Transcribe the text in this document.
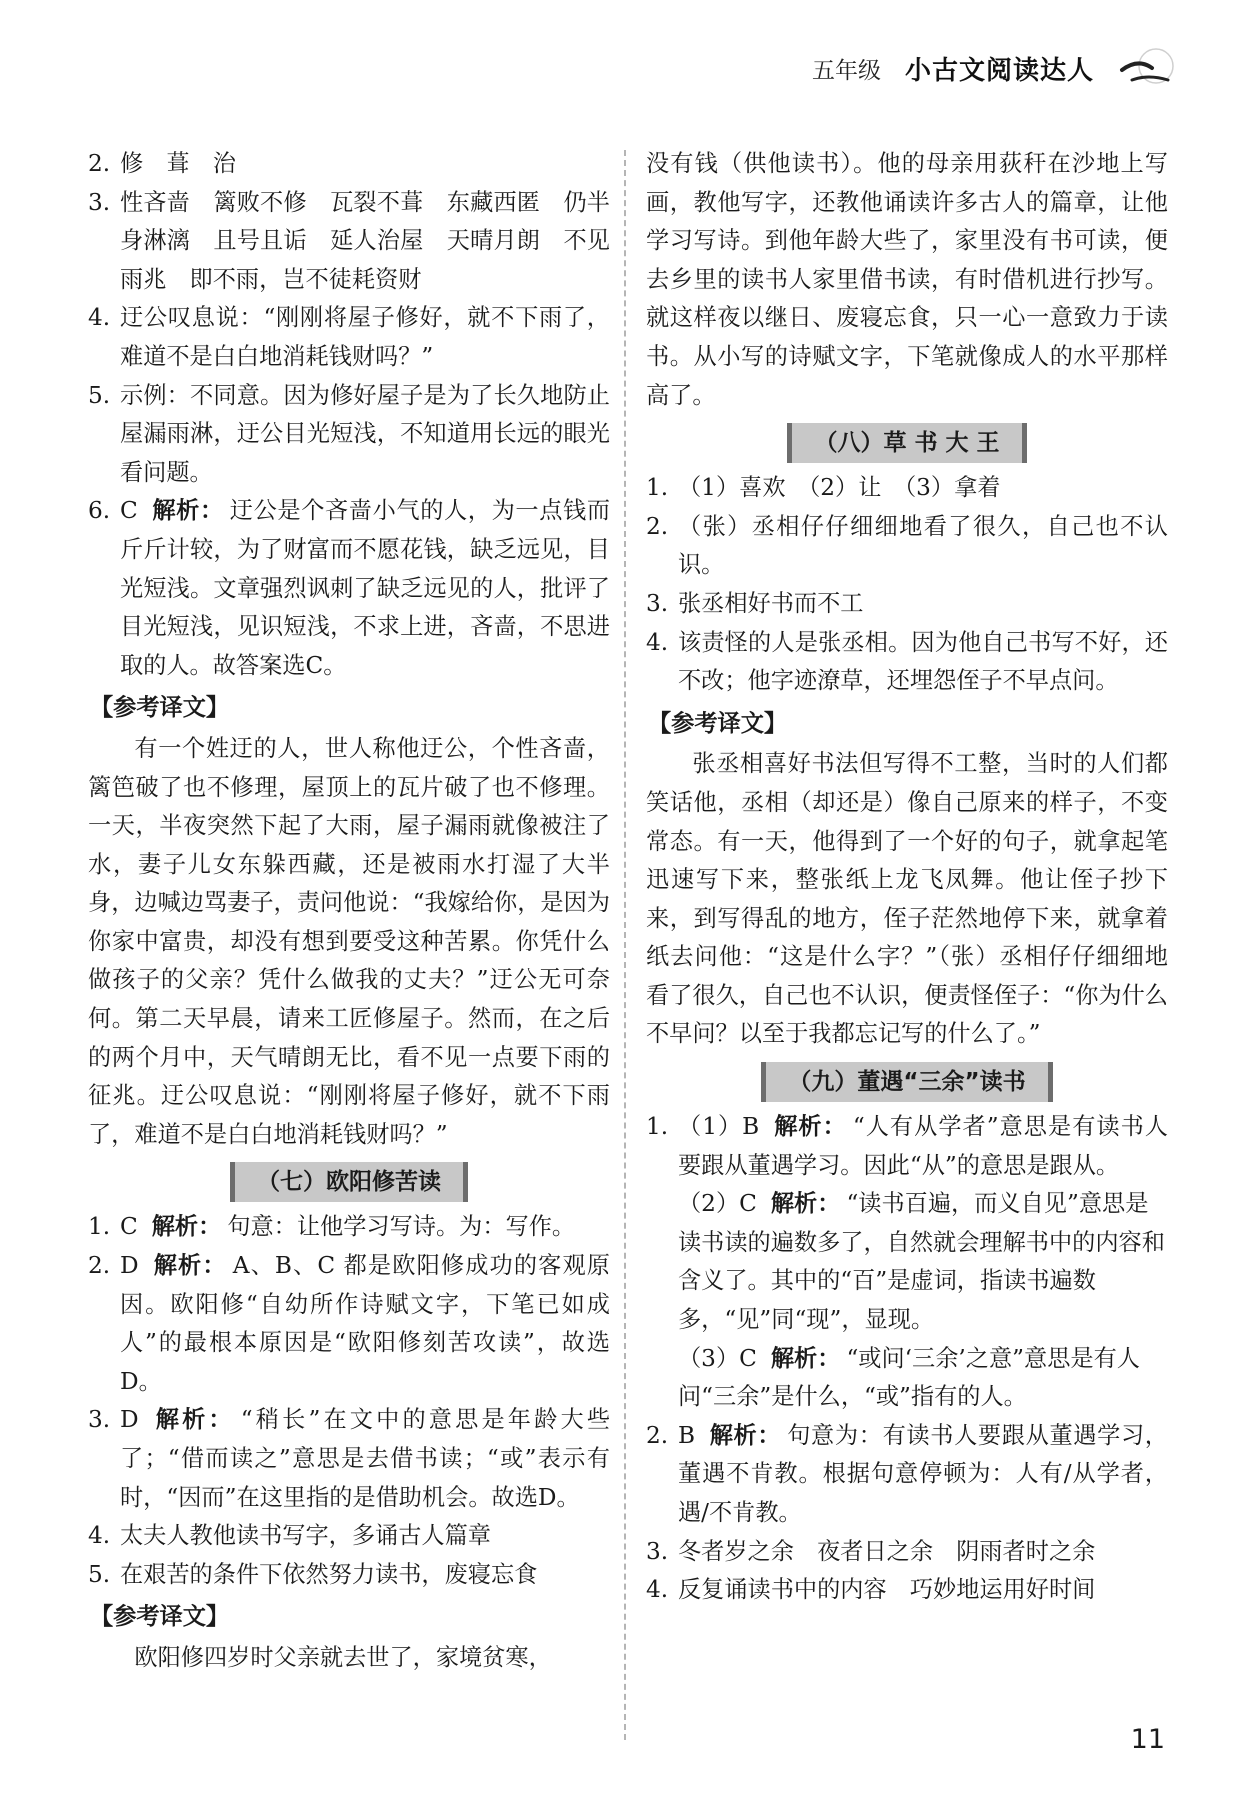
五年级 小古文阅读达人
2. 修　葺　治
3. 性吝啬　篱败不修　瓦裂不葺　东藏西匿　仍半身淋漓　且号且诟　延人治屋　天晴月朗　不见雨兆　即不雨，岂不徒耗资财
4. 迂公叹息说：“刚刚将屋子修好，就不下雨了，难道不是白白地消耗钱财吗？”
5. 示例：不同意。因为修好屋子是为了长久地防止屋漏雨淋，迂公目光短浅，不知道用长远的眼光看问题。
6. C 解析： 迂公是个吝啬小气的人，为一点钱而斤斤计较，为了财富而不愿花钱，缺乏远见，目光短浅。文章强烈讽刺了缺乏远见的人，批评了目光短浅，见识短浅，不求上进，吝啬，不思进取的人。故答案选C。
【参考译文】
有一个姓迂的人，世人称他迂公，个性吝啬，篱笆破了也不修理，屋顶上的瓦片破了也不修理。一天，半夜突然下起了大雨，屋子漏雨就像被注了水，妻子儿女东躲西藏，还是被雨水打湿了大半身，边喊边骂妻子，责问他说：“我嫁给你，是因为你家中富贵，却没有想到要受这种苦累。你凭什么做孩子的父亲？凭什么做我的丈夫？”迂公无可奈何。第二天早晨，请来工匠修屋子。然而，在之后的两个月中，天气晴朗无比，看不见一点要下雨的征兆。迂公叹息说：“刚刚将屋子修好，就不下雨了，难道不是白白地消耗钱财吗？”
（七）欧阳修苦读
1. C 解析： 句意：让他学习写诗。为：写作。
2. D 解析： A、B、C 都是欧阳修成功的客观原因。欧阳修“自幼所作诗赋文字，下笔已如成人”的最根本原因是“欧阳修刻苦攻读”，故选D。
3. D 解析： “稍长”在文中的意思是年龄大些了；“借而读之”意思是去借书读；“或”表示有时，“因而”在这里指的是借助机会。故选D。
4. 太夫人教他读书写字，多诵古人篇章
5. 在艰苦的条件下依然努力读书，废寝忘食
【参考译文】
欧阳修四岁时父亲就去世了，家境贫寒，
没有钱（供他读书）。他的母亲用荻秆在沙地上写画，教他写字，还教他诵读许多古人的篇章，让他学习写诗。到他年龄大些了，家里没有书可读，便去乡里的读书人家里借书读，有时借机进行抄写。就这样夜以继日、废寝忘食，只一心一意致力于读书。从小写的诗赋文字，下笔就像成人的水平那样高了。
（八）草 书 大 王
1. （1）喜欢　（2）让　（3）拿着
2. （张）丞相仔仔细细地看了很久，自己也不认识。
3. 张丞相好书而不工
4. 该责怪的人是张丞相。因为他自己书写不好，还不改；他字迹潦草，还埋怨侄子不早点问。
【参考译文】
张丞相喜好书法但写得不工整，当时的人们都笑话他，丞相（却还是）像自己原来的样子，不变常态。有一天，他得到了一个好的句子，就拿起笔迅速写下来，整张纸上龙飞凤舞。他让侄子抄下来，到写得乱的地方，侄子茫然地停下来，就拿着纸去问他：“这是什么字？”（张）丞相仔仔细细地看了很久，自己也不认识，便责怪侄子：“你为什么不早问？以至于我都忘记写的什么了。”
（九）董遇“三余”读书
1. （1）B 解析： “人有从学者”意思是有读书人要跟从董遇学习。因此“从”的意思是跟从。
（2）C 解析： “读书百遍，而义自见”意思是读书读的遍数多了，自然就会理解书中的内容和含义了。其中的“百”是虚词，指读书遍数多，“见”同“现”，显现。
（3）C 解析： “或问‘三余’之意”意思是有人问“三余”是什么，“或”指有的人。
2. B 解析： 句意为：有读书人要跟从董遇学习，董遇不肯教。根据句意停顿为：人有/从学者，遇/不肯教。
3. 冬者岁之余　夜者日之余　阴雨者时之余
4. 反复诵读书中的内容　巧妙地运用好时间
11
